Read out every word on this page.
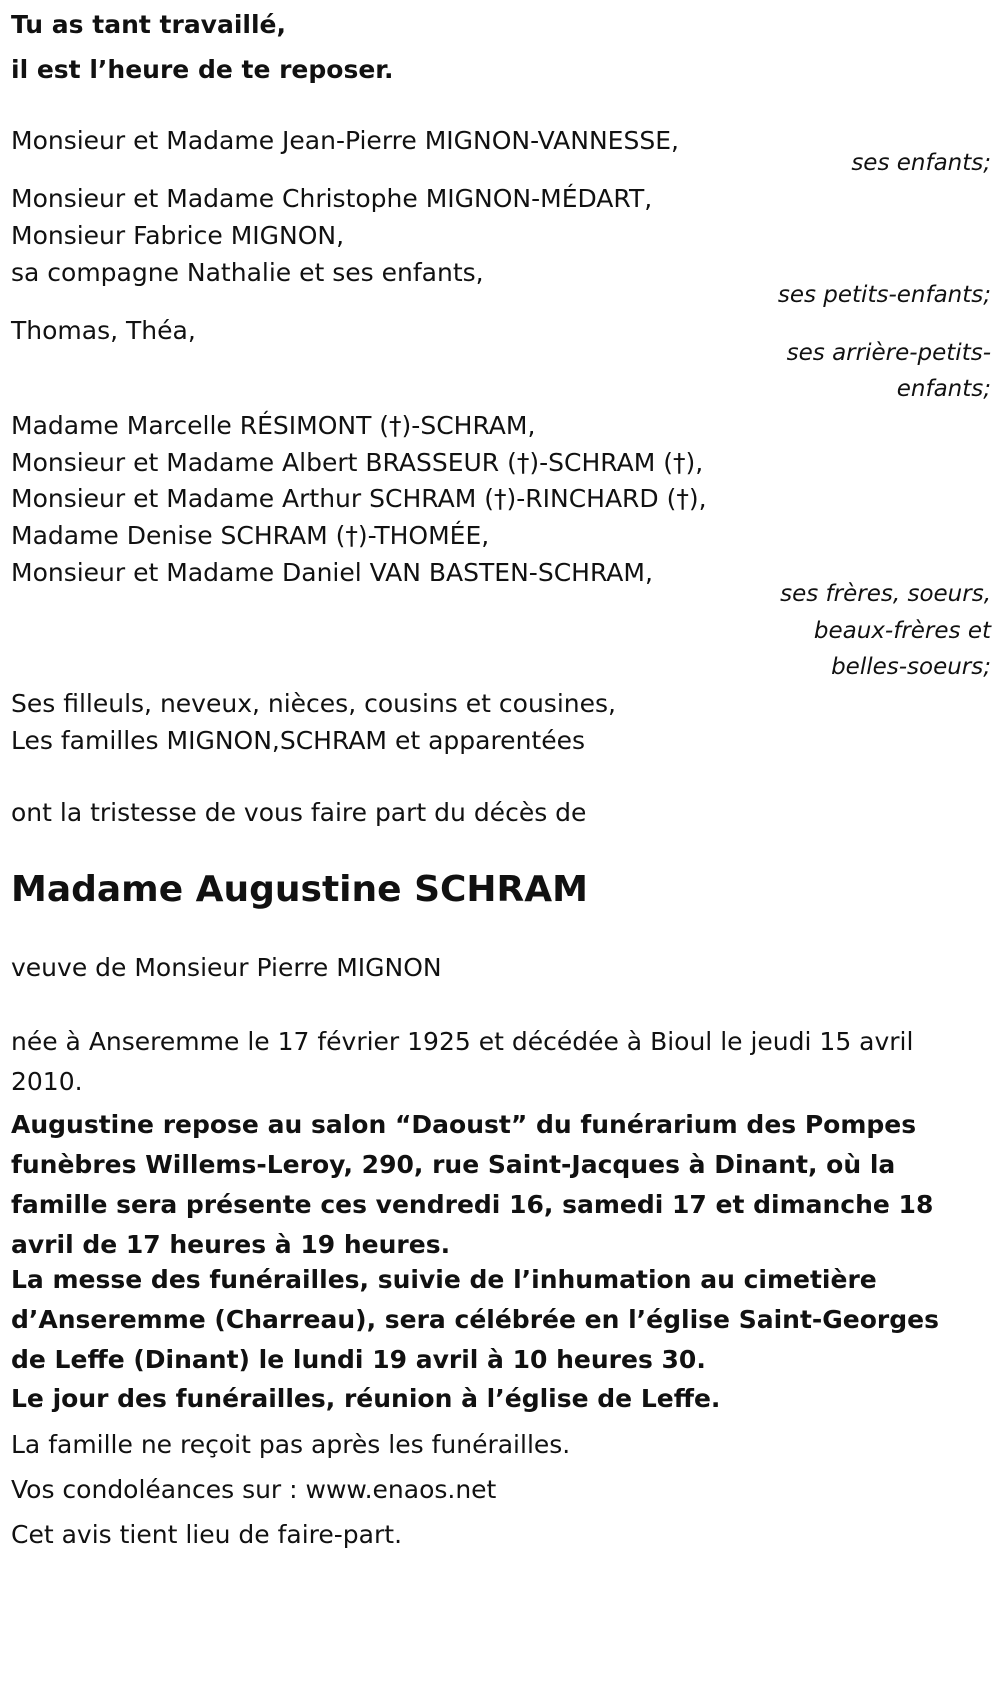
Tu as tant travaillé,
il est l’heure de te reposer.
Monsieur et Madame Jean-Pierre MIGNON-VANNESSE,
ses enfants;
Monsieur et Madame Christophe MIGNON-MÉDART,
Monsieur Fabrice MIGNON,
sa compagne Nathalie et ses enfants,
ses petits-enfants;
Thomas, Théa,
ses arrière-petits-
enfants;
Madame Marcelle RÉSIMONT (†)-SCHRAM,
Monsieur et Madame Albert BRASSEUR (†)-SCHRAM (†),
Monsieur et Madame Arthur SCHRAM (†)-RINCHARD (†),
Madame Denise SCHRAM (†)-THOMÉE,
Monsieur et Madame Daniel VAN BASTEN-SCHRAM,
ses frères, soeurs,
beaux-frères et
belles-soeurs;
Ses filleuls, neveux, nièces, cousins et cousines,
Les familles MIGNON,SCHRAM et apparentées
ont la tristesse de vous faire part du décès de
Madame Augustine SCHRAM
veuve de Monsieur Pierre MIGNON
née à Anseremme le 17 février 1925 et décédée à Bioul le jeudi 15 avril 2010.
Augustine repose au salon “Daoust” du funérarium des Pompes funèbres Willems-Leroy, 290, rue Saint-Jacques à Dinant, où la famille sera présente ces vendredi 16, samedi 17 et dimanche 18 avril de 17 heures à 19 heures.
La messe des funérailles, suivie de l’inhumation au cimetière d’Anseremme (Charreau), sera célébrée en l’église Saint-Georges de Leffe (Dinant) le lundi 19 avril à 10 heures 30.
Le jour des funérailles, réunion à l’église de Leffe.
La famille ne reçoit pas après les funérailles.
Vos condoléances sur : www.enaos.net
Cet avis tient lieu de faire-part.
